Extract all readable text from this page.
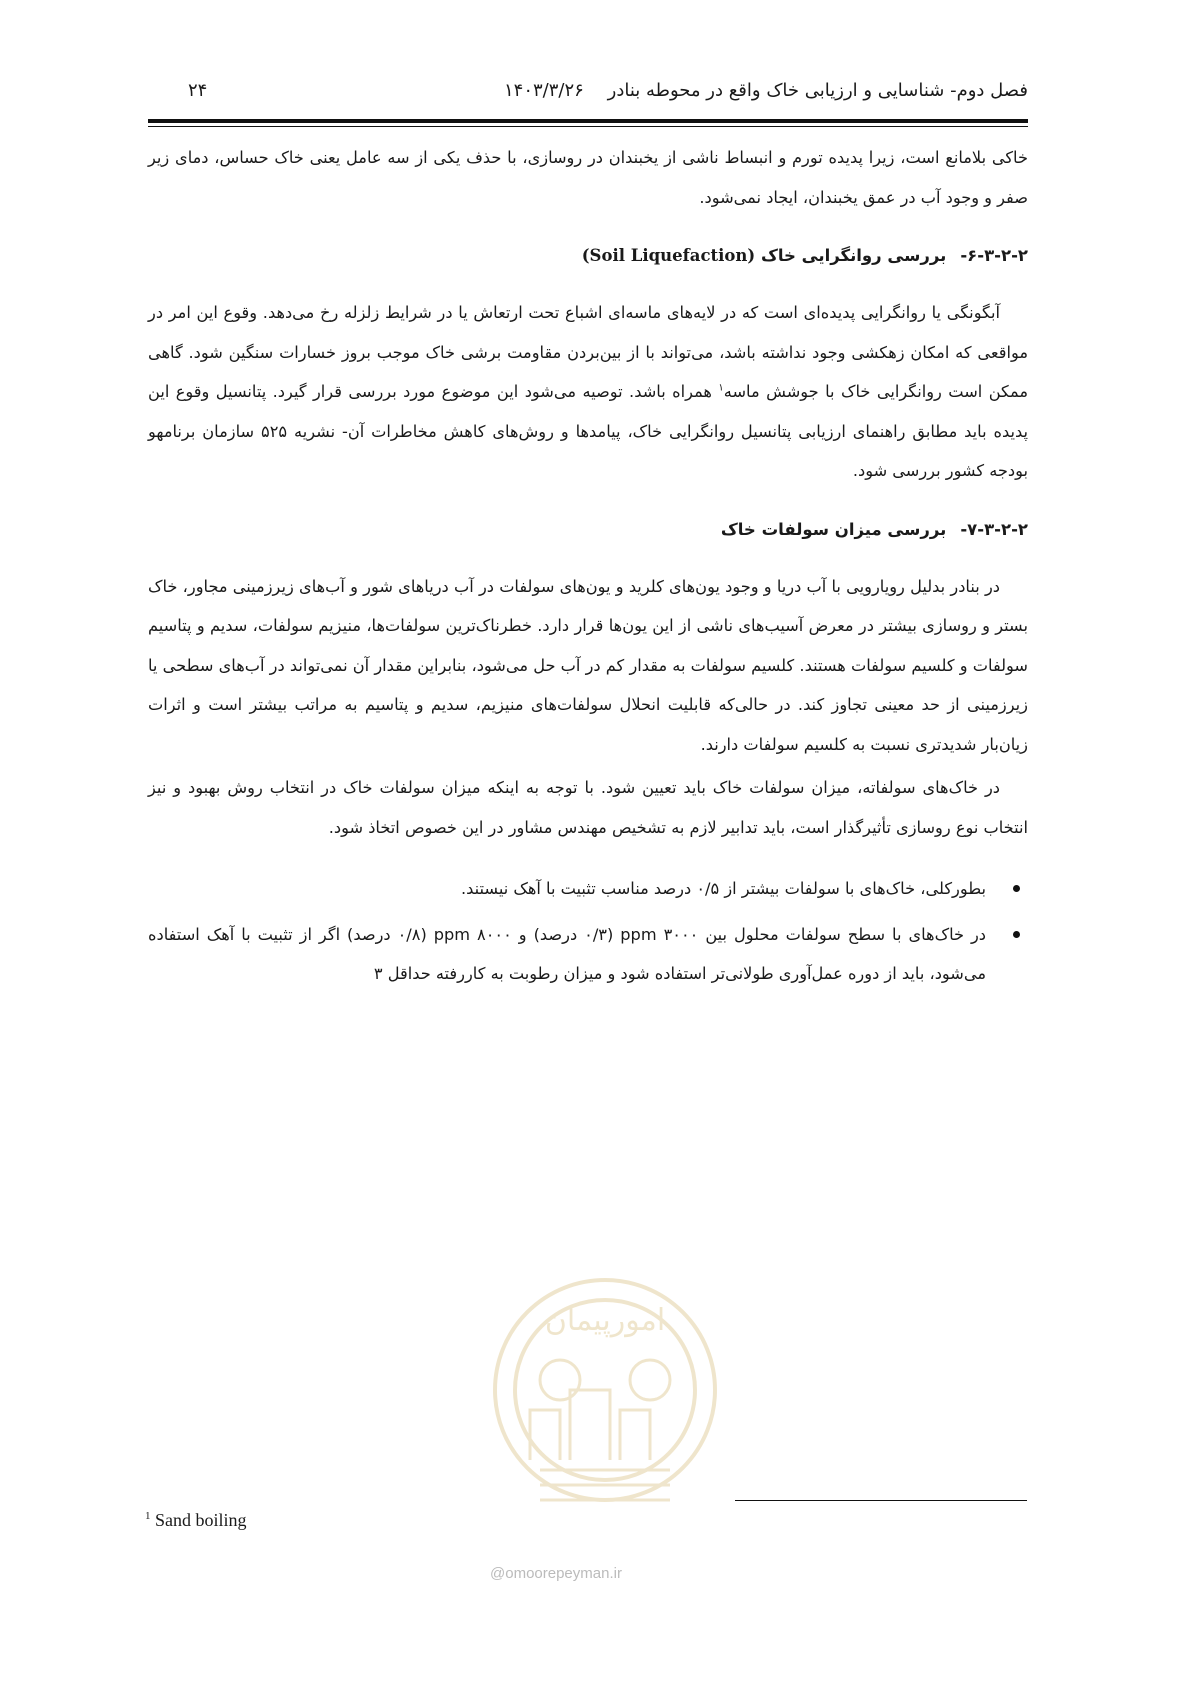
فصل دوم- شناسایی و ارزیابی خاک واقع در محوطه بنادر
۱۴۰۳/۳/۲۶
۲۴

خاکی بلامانع است، زیرا پدیده تورم و انبساط ناشی از یخبندان در روسازی، با حذف یکی از سه عامل یعنی خاک حساس، دمای زیر صفر و وجود آب در عمق یخبندان، ایجاد نمی‌شود.

۶-۳-۲-۲-بررسی روانگرایی خاک (Soil Liquefaction)

آبگونگی یا روانگرایی پدیده‌ای است که در لایه‌های ماسه‌ای اشباع تحت ارتعاش یا در شرایط زلزله رخ می‌دهد. وقوع این امر در مواقعی که امکان زهکشی وجود نداشته باشد، می‌تواند با از بین‌بردن مقاومت برشی خاک موجب بروز خسارات سنگین شود. گاهی ممکن است روانگرایی خاک با جوشش ماسه$^۱$ همراه باشد. توصیه می‌شود این موضوع مورد بررسی قرار گیرد. پتانسیل وقوع این پدیده باید مطابق راهنمای ارزیابی پتانسیل روانگرایی خاک، پیامدها و روش‌های کاهش مخاطرات آن- نشریه ۵۲۵ سازمان برنامهو بودجه کشور بررسی شود.

۷-۳-۲-۲-بررسی میزان سولفات خاک

در بنادر بدلیل رویارویی با آب دریا و وجود یون‌های کلرید و یون‌های سولفات در آب دریاهای شور و آب‌های زیرزمینی مجاور، خاک بستر و روسازی بیشتر در معرض آسیب‌های ناشی از این یون‌ها قرار دارد. خطرناک‌ترین سولفات‌ها، منیزیم سولفات، سدیم و پتاسیم سولفات و کلسیم سولفات هستند. کلسیم سولفات به مقدار کم در آب حل می‌شود، بنابراین مقدار آن نمی‌تواند در آب‌های سطحی یا زیرزمینی از حد معینی تجاوز کند. در حالی‌که قابلیت انحلال سولفات‌های منیزیم، سدیم و پتاسیم به مراتب بیشتر است و اثرات زیان‌بار شدیدتری نسبت به کلسیم سولفات دارند.

در خاک‌های سولفاته، میزان سولفات خاک باید تعیین شود. با توجه به اینکه میزان سولفات خاک در انتخاب روش بهبود و نیز انتخاب نوع روسازی تأثیرگذار است، باید تدابیر لازم به تشخیص مهندس مشاور در این خصوص اتخاذ شود.

بطورکلی، خاک‌های با سولفات بیشتر از ۰/۵ درصد مناسب تثبیت با آهک نیستند.
در خاک‌های با سطح سولفات محلول بین ppm ۳۰۰۰ (۰/۳ درصد) و ppm ۸۰۰۰ (۰/۸ درصد) اگر از تثبیت با آهک استفاده می‌شود، باید از دوره عمل‌آوری طولانی‌تر استفاده شود و میزان رطوبت به کاررفته حداقل ۳
$^1$ Sand boiling
امورپیمان
@omoorepeyman.ir
